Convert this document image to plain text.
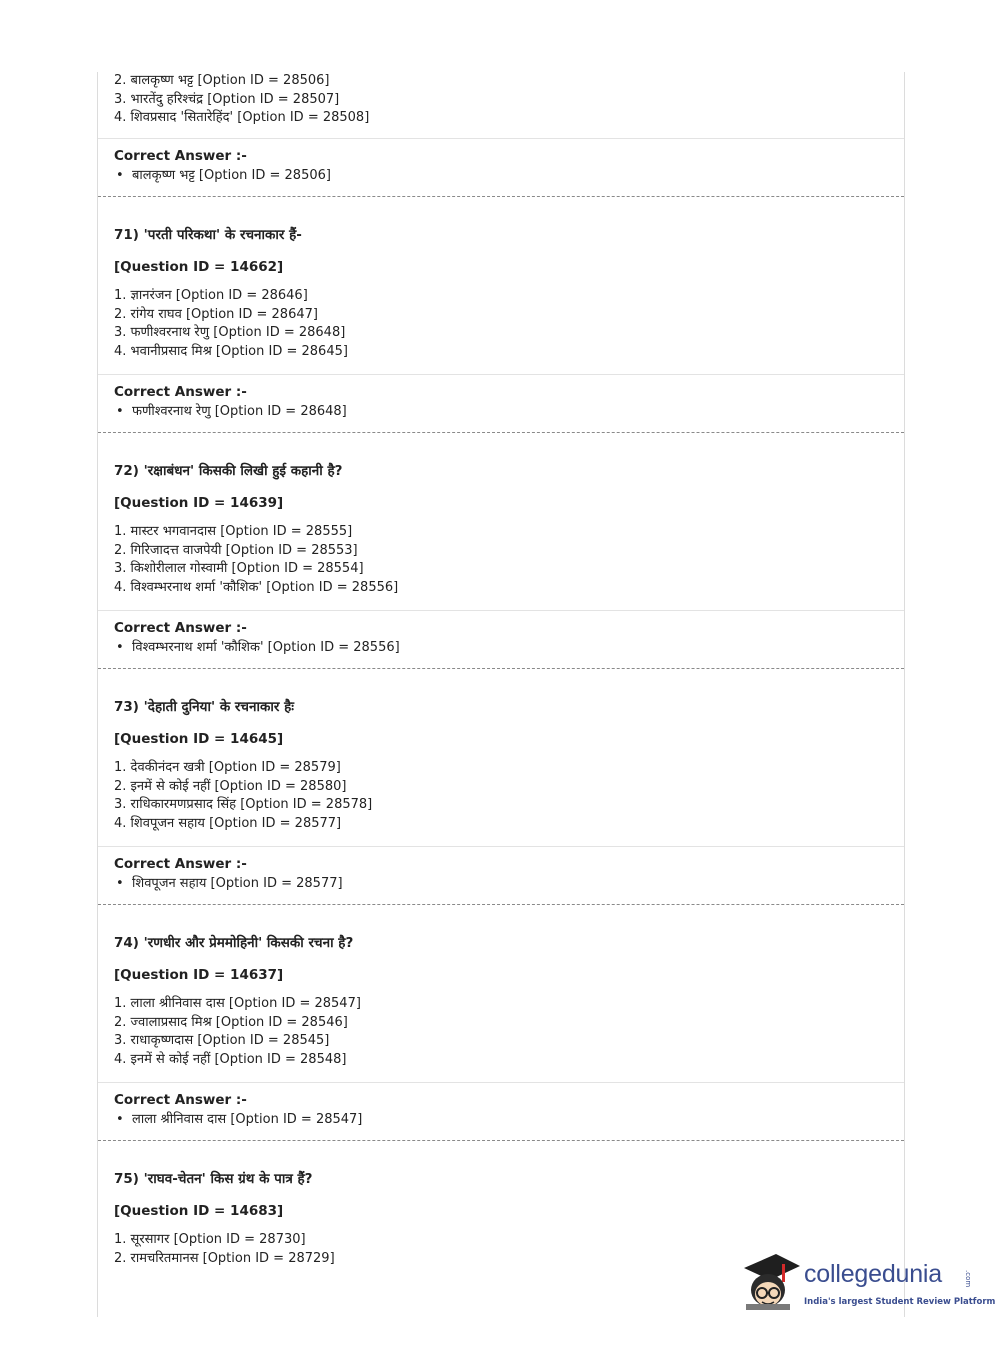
2. बालकृष्ण भट्ट [Option ID = 28506]
3. भारतेंदु हरिश्चंद्र [Option ID = 28507]
4. शिवप्रसाद 'सितारेहिंद' [Option ID = 28508]
Correct Answer :-
• बालकृष्ण भट्ट [Option ID = 28506]
71) 'परती परिकथा' के रचनाकार हैं-
[Question ID = 14662]
1. ज्ञानरंजन [Option ID = 28646]
2. रांगेय राघव [Option ID = 28647]
3. फणीश्वरनाथ रेणु [Option ID = 28648]
4. भवानीप्रसाद मिश्र [Option ID = 28645]
Correct Answer :-
• फणीश्वरनाथ रेणु [Option ID = 28648]
72) 'रक्षाबंधन' किसकी लिखी हुई कहानी है?
[Question ID = 14639]
1. मास्टर भगवानदास [Option ID = 28555]
2. गिरिजादत्त वाजपेयी [Option ID = 28553]
3. किशोरीलाल गोस्वामी [Option ID = 28554]
4. विश्वम्भरनाथ शर्मा 'कौशिक' [Option ID = 28556]
Correct Answer :-
• विश्वम्भरनाथ शर्मा 'कौशिक' [Option ID = 28556]
73) 'देहाती दुनिया' के रचनाकार हैः
[Question ID = 14645]
1. देवकीनंदन खत्री [Option ID = 28579]
2. इनमें से कोई नहीं [Option ID = 28580]
3. राधिकारमणप्रसाद सिंह [Option ID = 28578]
4. शिवपूजन सहाय [Option ID = 28577]
Correct Answer :-
• शिवपूजन सहाय [Option ID = 28577]
74) 'रणधीर और प्रेममोहिनी' किसकी रचना है?
[Question ID = 14637]
1. लाला श्रीनिवास दास [Option ID = 28547]
2. ज्वालाप्रसाद मिश्र [Option ID = 28546]
3. राधाकृष्णदास [Option ID = 28545]
4. इनमें से कोई नहीं [Option ID = 28548]
Correct Answer :-
• लाला श्रीनिवास दास [Option ID = 28547]
75) 'राघव-चेतन' किस ग्रंथ के पात्र हैं?
[Question ID = 14683]
1. सूरसागर [Option ID = 28730]
2. रामचरितमानस [Option ID = 28729]
collegedunia	.com
India's largest Student Review Platform
